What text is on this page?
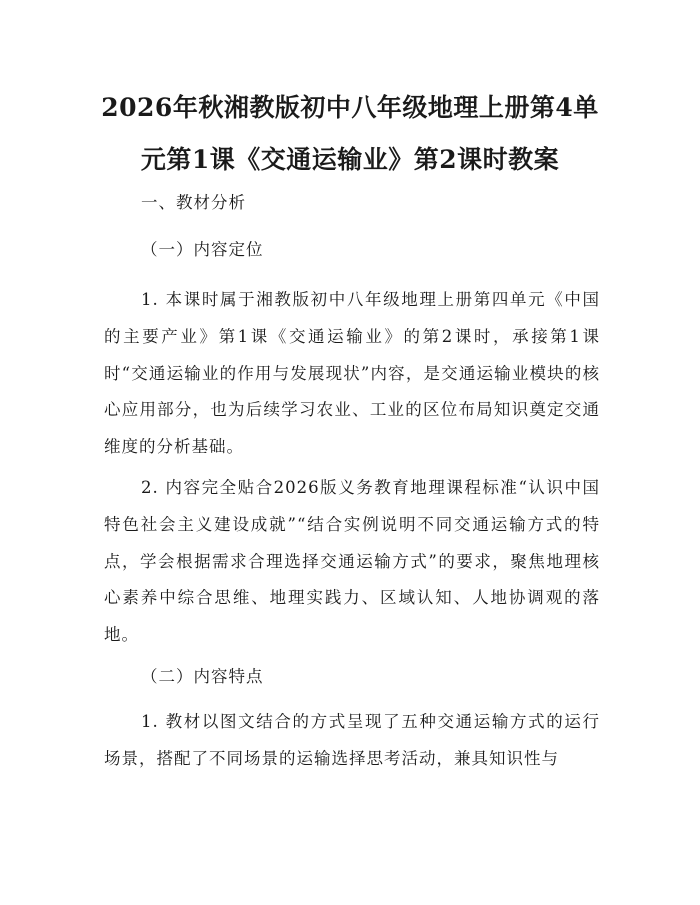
2026年秋湘教版初中八年级地理上册第4单
元第1课《交通运输业》第2课时教案
一、教材分析
（一）内容定位
1. 本课时属于湘教版初中八年级地理上册第四单元《中国的主要产业》第1课《交通运输业》的第2课时，承接第1课时“交通运输业的作用与发展现状”内容，是交通运输业模块的核心应用部分，也为后续学习农业、工业的区位布局知识奠定交通维度的分析基础。
2. 内容完全贴合2026版义务教育地理课程标准“认识中国特色社会主义建设成就”“结合实例说明不同交通运输方式的特点，学会根据需求合理选择交通运输方式”的要求，聚焦地理核心素养中综合思维、地理实践力、区域认知、人地协调观的落地。
（二）内容特点
1. 教材以图文结合的方式呈现了五种交通运输方式的运行场景，搭配了不同场景的运输选择思考活动，兼具知识性与
